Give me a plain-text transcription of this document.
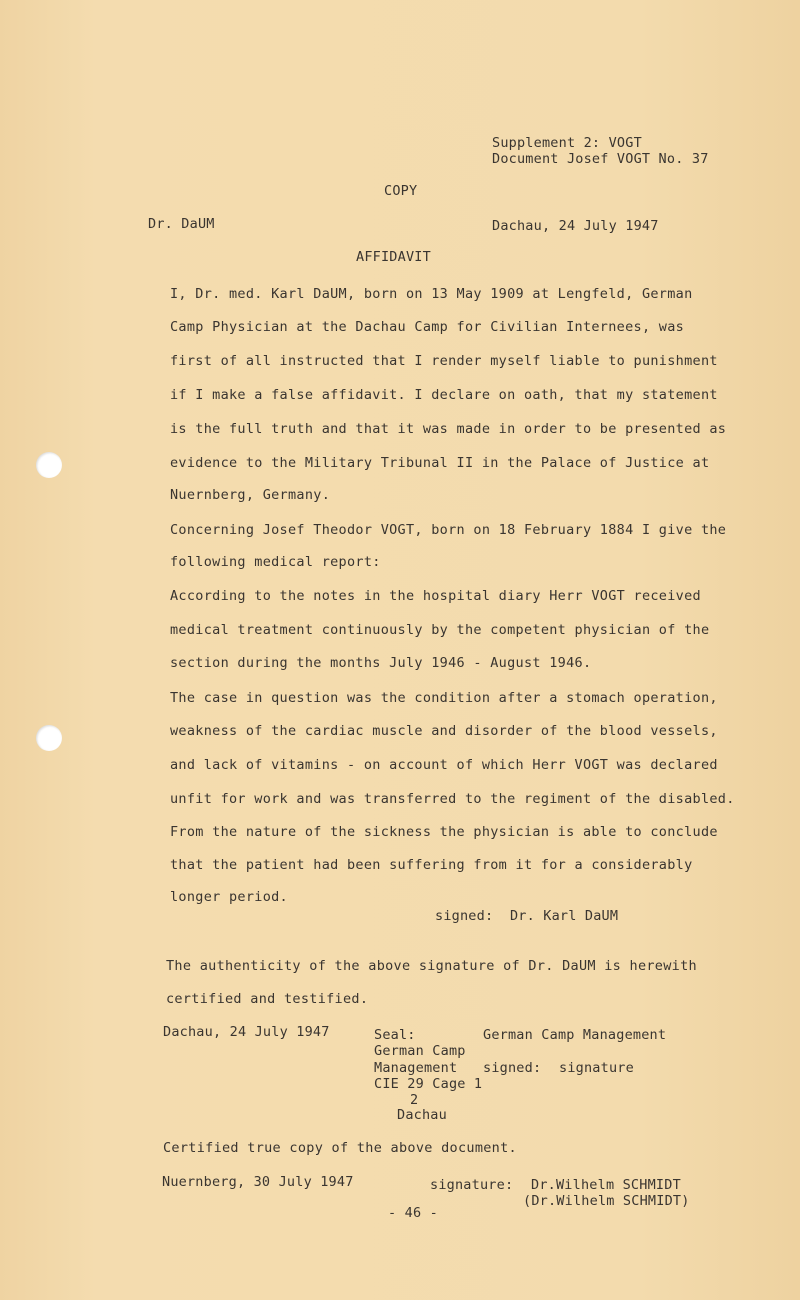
Supplement 2: VOGT
Document Josef VOGT No. 37
COPY
Dr. DaUM	Dachau, 24 July 1947
AFFIDAVIT
I, Dr. med. Karl DaUM, born on 13 May 1909 at Lengfeld, German
Camp Physician at the Dachau Camp for Civilian Internees, was
first of all instructed that I render myself liable to punishment
if I make a false affidavit. I declare on oath, that my statement
is the full truth and that it was made in order to be presented as
evidence to the Military Tribunal II in the Palace of Justice at
Nuernberg, Germany.
Concerning Josef Theodor VOGT, born on 18 February 1884 I give the
following medical report:
According to the notes in the hospital diary Herr VOGT received
medical treatment continuously by the competent physician of the
section during the months July 1946 - August 1946.
The case in question was the condition after a stomach operation,
weakness of the cardiac muscle and disorder of the blood vessels,
and lack of vitamins - on account of which Herr VOGT was declared
unfit for work and was transferred to the regiment of the disabled.
From the nature of the sickness the physician is able to conclude
that the patient had been suffering from it for a considerably
longer period.
signed:  Dr. Karl DaUM
The authenticity of the above signature of Dr. DaUM is herewith
certified and testified.
Dachau, 24 July 1947	Seal:	German Camp Management
German Camp
Management signed: signature
CIE 29 Cage 1
2
Dachau
Certified true copy of the above document.
Nuernberg, 30 July 1947	signature: Dr.Wilhelm SCHMIDT
(Dr.Wilhelm SCHMIDT)
- 46 -
